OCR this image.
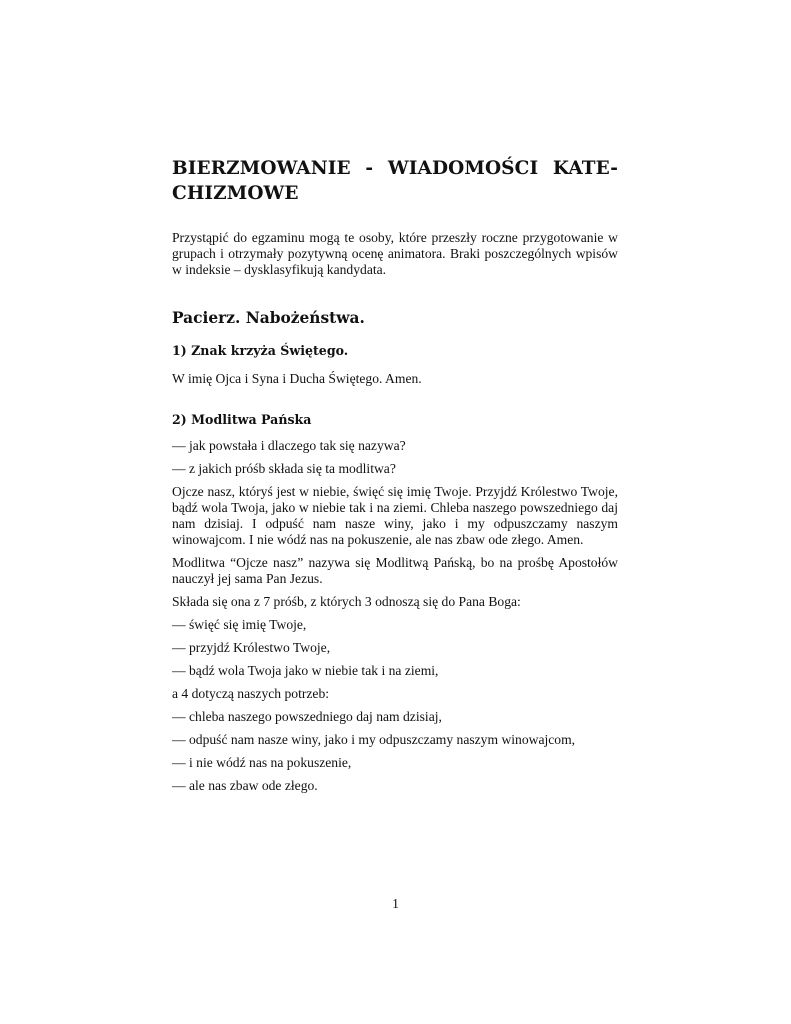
BIERZMOWANIE - WIADOMOŚCI KATE-
CHIZMOWE

Przystąpić do egzaminu mogą te osoby, które przeszły roczne przygotowanie w grupach i otrzymały pozytywną ocenę animatora. Braki poszczególnych wpisów w indeksie – dysklasyfikują kandydata.

Pacierz. Nabożeństwa.
1) Znak krzyża Świętego.

W imię Ojca i Syna i Ducha Świętego. Amen.

2) Modlitwa Pańska

— jak powstała i dlaczego tak się nazywa?

— z jakich próśb składa się ta modlitwa?

Ojcze nasz, któryś jest w niebie, święć się imię Twoje. Przyjdź Królestwo Twoje, bądź wola Twoja, jako w niebie tak i na ziemi. Chleba naszego powszedniego daj nam dzisiaj. I odpuść nam nasze winy, jako i my odpuszczamy naszym winowajcom. I nie wódź nas na pokuszenie, ale nas zbaw ode złego. Amen.

Modlitwa “Ojcze nasz” nazywa się Modlitwą Pańską, bo na prośbę Apostołów nauczył jej sama Pan Jezus.

Składa się ona z 7 próśb, z których 3 odnoszą się do Pana Boga:

— święć się imię Twoje,

— przyjdź Królestwo Twoje,

— bądź wola Twoja jako w niebie tak i na ziemi,

a 4 dotyczą naszych potrzeb:

— chleba naszego powszedniego daj nam dzisiaj,

— odpuść nam nasze winy, jako i my odpuszczamy naszym winowajcom,

— i nie wódź nas na pokuszenie,

— ale nas zbaw ode złego.

1
